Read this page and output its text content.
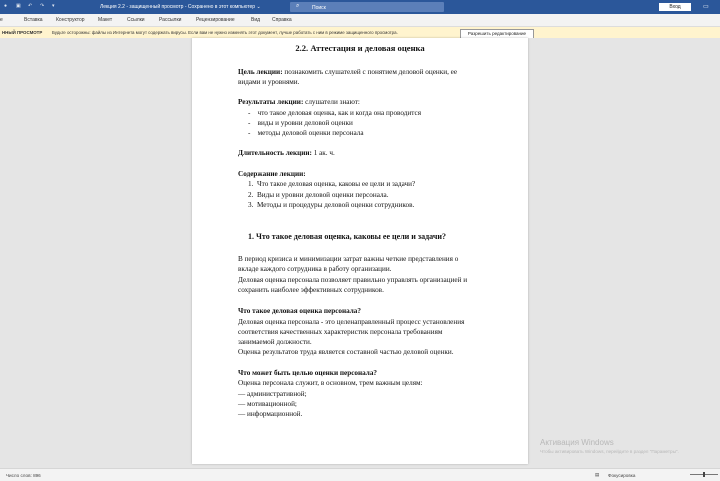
●	▣	↶	↷	▾	Лекция 2.2 - защищенный просмотр - Сохранено в этот компьютер ⌄	⌕	Поиск	Вход	▭
е	Вставка	Конструктор	Макет	Ссылки	Рассылки	Рецензирование	Вид Справка
ННЫЙ ПРОСМОТР Будьте осторожны: файлы из Интернета могут содержать вирусы. Если вам не нужно изменять этот документ, лучше работать с ним в режиме защищенного просмотра.	Разрешить редактирование
2.2. Аттестация и деловая оценка
Цель лекции: познакомить слушателей с понятием деловой оценки, ее
видами и уровнями.
Результаты лекции: слушатели знают:
-    что такое деловая оценка, как и когда она проводится
-    виды и уровни деловой оценки
-    методы деловой оценки персонала
Длительность лекции: 1 ак. ч.
Содержание лекции:
1.  Что такое деловая оценка, каковы ее цели и задачи?
2.  Виды и уровни деловой оценки персонала.
3.  Методы и процедуры деловой оценки сотрудников.
1. Что такое деловая оценка, каковы ее цели и задачи?
В период кризиса и минимизации затрат важны четкие представления о
вкладе каждого сотрудника в работу организации.
Деловая оценка персонала позволяет правильно управлять организацией и
сохранить наиболее эффективных сотрудников.
Что такое деловая оценка персонала?
Деловая оценка персонала - это целенаправленный процесс установления
соответствия качественных характеристик персонала требованиям
занимаемой должности.
Оценка результатов труда является составной частью деловой оценки.
Что может быть целью оценки персонала?
Оценка персонала служит, в основном, трем важным целям:
— административной;
— мотивационной;
— информационной.
Активация Windows
Чтобы активировать Windows, перейдите в раздел "Параметры".
Число слов: 896	▤ Фокусировка
